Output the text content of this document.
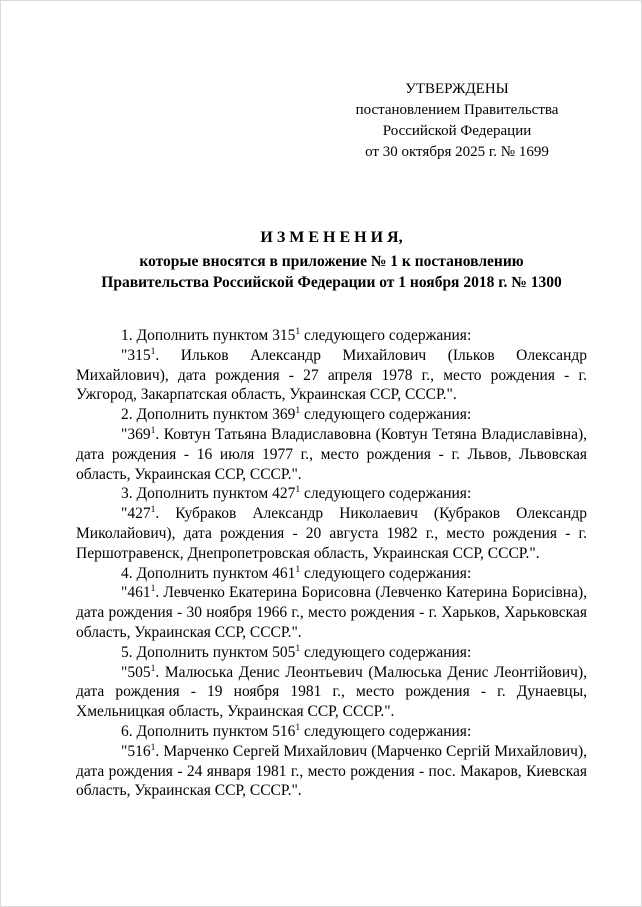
УТВЕРЖДЕНЫ
постановлением Правительства
Российской Федерации
от 30 октября 2025 г. № 1699
И З М Е Н Е Н И Я,
которые вносятся в приложение № 1 к постановлению
Правительства Российской Федерации от 1 ноября 2018 г. № 1300

1. Дополнить пунктом $315^1$ следующего содержания:

"$315^1$. Ильков Александр Михайлович (Ільков Олександр Михайлович), дата рождения - 27 апреля 1978 г., место рождения - г. Ужгород, Закарпатская область, Украинская ССР, СССР.".

2. Дополнить пунктом $369^1$ следующего содержания:

"$369^1$. Ковтун Татьяна Владиславовна (Ковтун Тетяна Владиславівна), дата рождения - 16 июля 1977 г., место рождения - г. Львов, Львовская область, Украинская ССР, СССР.".

3. Дополнить пунктом $427^1$ следующего содержания:

"$427^1$. Кубраков Александр Николаевич (Кубраков Олександр Миколайович), дата рождения - 20 августа 1982 г., место рождения - г. Першотравенск, Днепропетровская область, Украинская ССР, СССР.".

4. Дополнить пунктом $461^1$ следующего содержания:

"$461^1$. Левченко Екатерина Борисовна (Левченко Катерина Борисівна), дата рождения - 30 ноября 1966 г., место рождения - г. Харьков, Харьковская область, Украинская ССР, СССР.".

5. Дополнить пунктом $505^1$ следующего содержания:

"$505^1$. Малюська Денис Леонтьевич (Малюська Денис Леонтійович), дата рождения - 19 ноября 1981 г., место рождения - г. Дунаевцы, Хмельницкая область, Украинская ССР, СССР.".

6. Дополнить пунктом $516^1$ следующего содержания:

"$516^1$. Марченко Сергей Михайлович (Марченко Сергій Михайлович), дата рождения - 24 января 1981 г., место рождения - пос. Макаров, Киевская область, Украинская ССР, СССР.".
